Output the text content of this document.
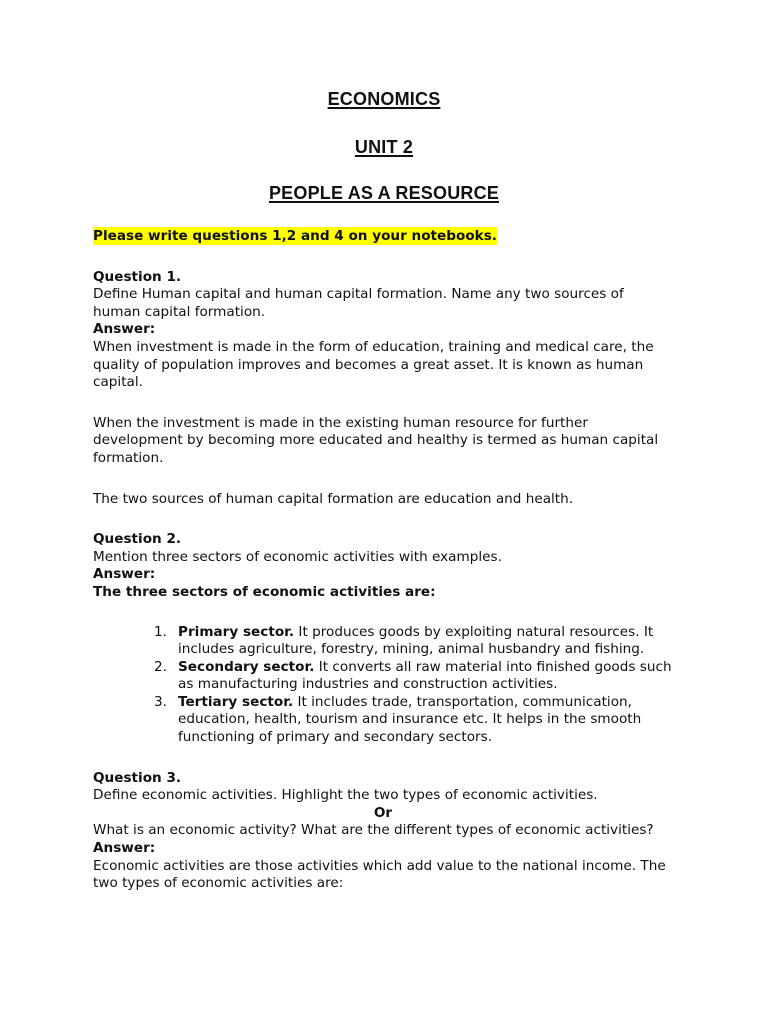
ECONOMICS
UNIT 2
PEOPLE AS A RESOURCE

Please write questions 1,2 and 4 on your notebooks.

Question 1.

Define Human capital and human capital formation. Name any two sources of human capital formation.

Answer:

When investment is made in the form of education, training and medical care, the quality of population improves and becomes a great asset. It is known as human capital.

When the investment is made in the existing human resource for further development by becoming more educated and healthy is termed as human capital formation.

The two sources of human capital formation are education and health.

Question 2.

Mention three sectors of economic activities with examples.

Answer:

The three sectors of economic activities are:

1. Primary sector. It produces goods by exploiting natural resources. It includes agriculture, forestry, mining, animal husbandry and fishing.
2. Secondary sector. It converts all raw material into finished goods such as manufacturing industries and construction activities.
3. Tertiary sector. It includes trade, transportation, communication, education, health, tourism and insurance etc. It helps in the smooth functioning of primary and secondary sectors.

Question 3.

Define economic activities. Highlight the two types of economic activities.

Or

What is an economic activity? What are the different types of economic activities?

Answer:

Economic activities are those activities which add value to the national income. The two types of economic activities are:
